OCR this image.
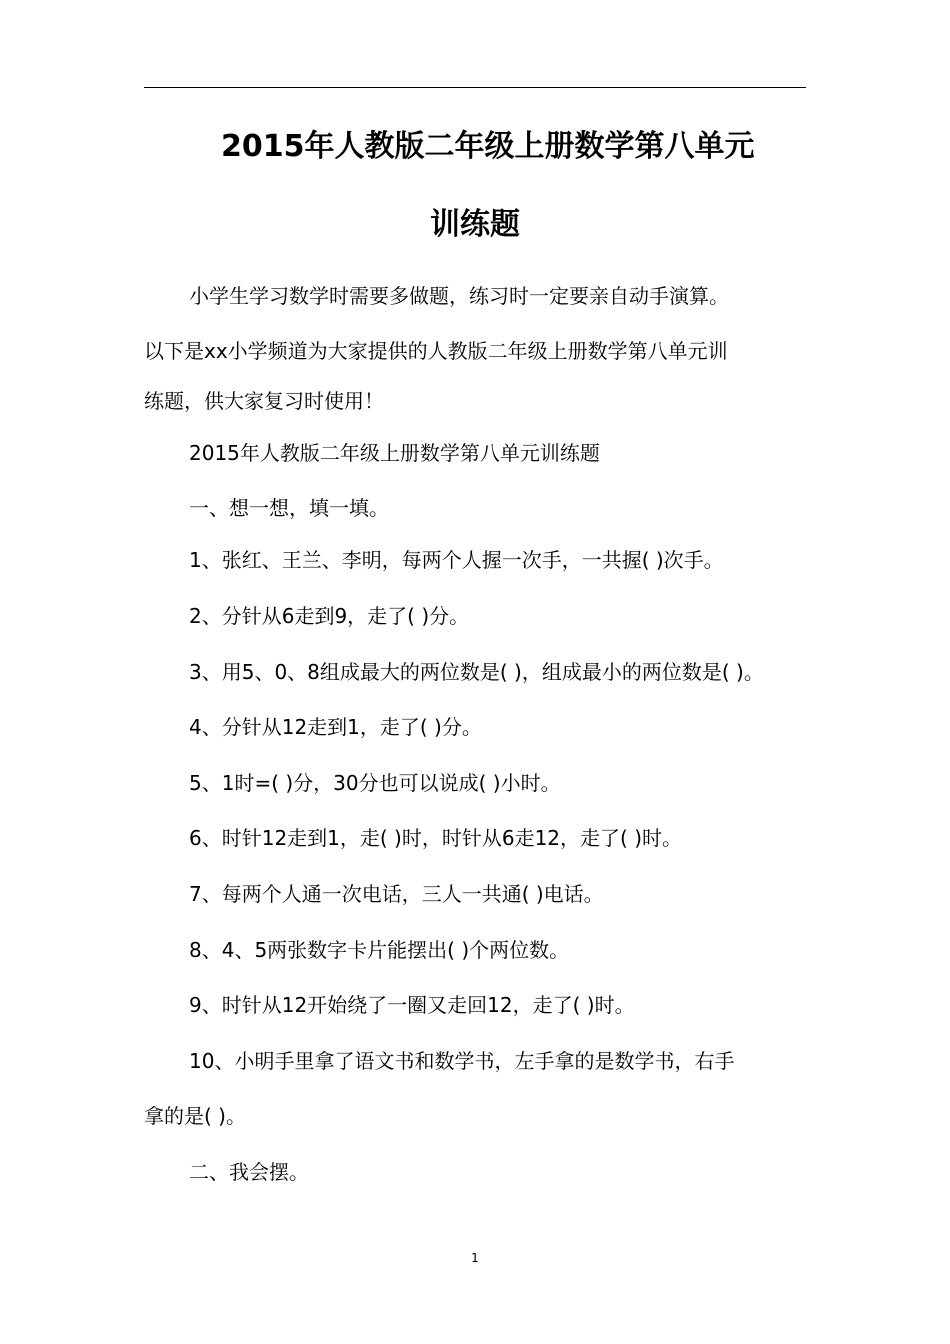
2015年人教版二年级上册数学第八单元
训练题
小学生学习数学时需要多做题，练习时一定要亲自动手演算。
以下是xx小学频道为大家提供的人教版二年级上册数学第八单元训
练题，供大家复习时使用！
2015年人教版二年级上册数学第八单元训练题
一、想一想，填一填。
1、张红、王兰、李明，每两个人握一次手，一共握( )次手。
2、分针从6走到9，走了( )分。
3、用5、0、8组成最大的两位数是( )，组成最小的两位数是( )。
4、分针从12走到1，走了( )分。
5、1时=( )分，30分也可以说成( )小时。
6、时针12走到1，走( )时，时针从6走12，走了( )时。
7、每两个人通一次电话，三人一共通( )电话。
8、4、5两张数字卡片能摆出( )个两位数。
9、时针从12开始绕了一圈又走回12，走了( )时。
10、小明手里拿了语文书和数学书，左手拿的是数学书，右手
拿的是( )。
二、我会摆。
1
